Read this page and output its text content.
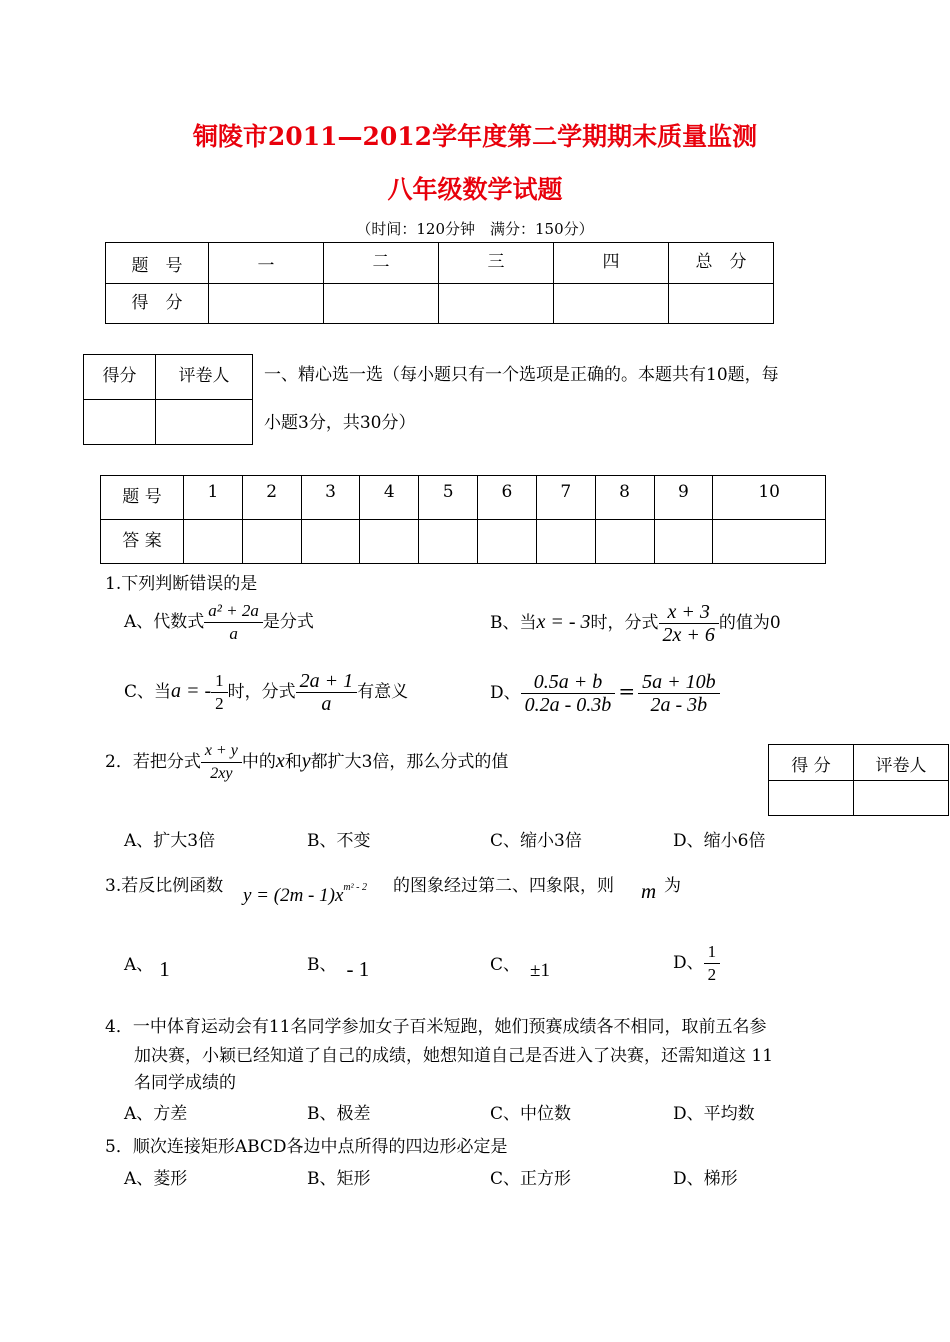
铜陵市2011—2012学年度第二学期期末质量监测
八年级数学试题
（时间：120分钟　满分：150分）
题　号	一	二	三	四	总　分
得　分					
得分	评卷人
	一、精心选一选（每小题只有一个选项是正确的。本题共有10题，每
小题3分，共30分）
题 号	1	2	3	4	5	6	7	8	9	10
答 案										
1.下列判断错误的是
A、代数式 $\frac{\text{a² + 2a}}{a}$ 是分式	B、当x = - 3时，分式 $\frac{x + 3}{2x + 6}$ 的值为0
C、当a = - $\frac{1}{2}$ 时，分式 $\frac{2a + 1}{a}$ 有意义	D、 $\frac{0.5a + b}{0.2a - 0.3b} = \frac{5a + 10b}{2a - 3b}$
2．若把分式 $\frac{x + y}{2xy}$ 中的x和y都扩大3倍，那么分式的值	得 分	评卷人

A、扩大3倍	B、不变	C、缩小3倍	D、缩小6倍
3.若反比例函数 $y = (2m - 1)x^{m^2 - 2}$ 的图象经过第二、四象限，则 m 为
A、 1	B、 - 1	C、 ±1	D、 $\frac{1}{2}$
4．一中体育运动会有11名同学参加女子百米短跑，她们预赛成绩各不相同，取前五名参
加决赛，小颖已经知道了自己的成绩，她想知道自己是否进入了决赛，还需知道这 11
名同学成绩的
A、方差	B、极差	C、中位数	D、平均数
5．顺次连接矩形ABCD各边中点所得的四边形必定是
A、菱形	B、矩形	C、正方形	D、梯形
